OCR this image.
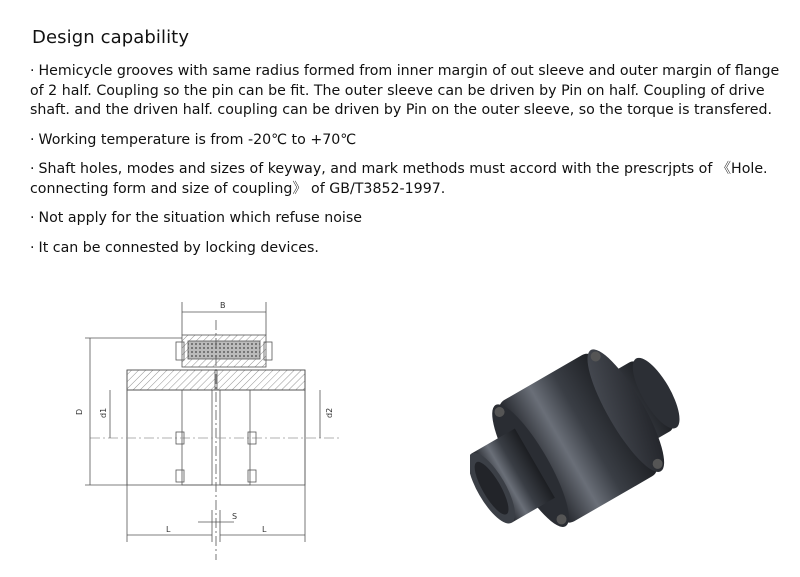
Design capability
· Hemicycle grooves with same radius formed from inner margin of out sleeve and outer margin of flange of 2 half. Coupling so the pin can be fit. The outer sleeve can be driven by Pin on half. Coupling of drive shaft. and the driven half. coupling can be driven by Pin on the outer sleeve, so the torque is transfered.
· Working temperature is from -20℃ to +70℃
· Shaft holes, modes and sizes of keyway, and mark methods must accord with the prescrjpts of 《Hole. connecting form and size of coupling》 of GB/T3852-1997.
· Not apply for the situation which refuse noise
· It can be connested by locking devices.
B
D d1	d2
S
L	L
